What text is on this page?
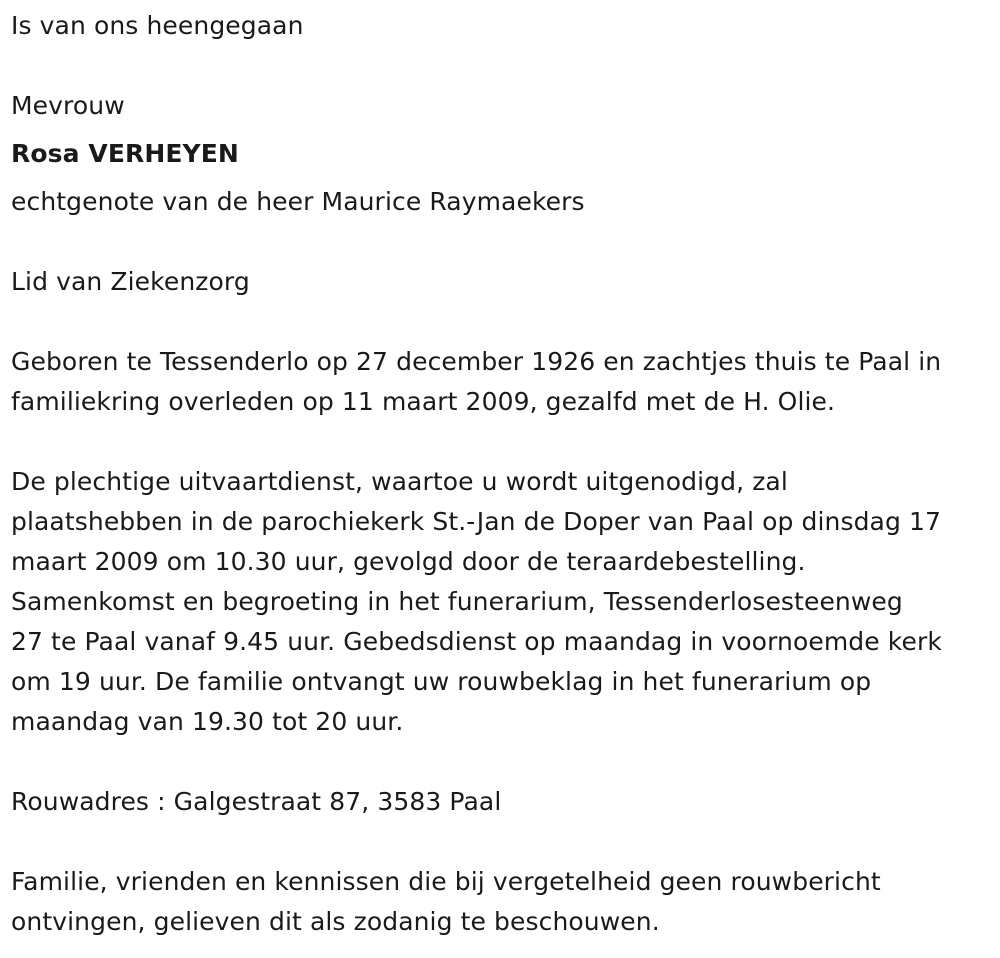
Is van ons heengegaan

Mevrouw

Rosa VERHEYEN

echtgenote van de heer Maurice Raymaekers

Lid van Ziekenzorg

Geboren te Tessenderlo op 27 december 1926 en zachtjes thuis te Paal in

familiekring overleden op 11 maart 2009, gezalfd met de H. Olie.

De plechtige uitvaartdienst, waartoe u wordt uitgenodigd, zal

plaatshebben in de parochiekerk St.-Jan de Doper van Paal op dinsdag 17

maart 2009 om 10.30 uur, gevolgd door de teraardebestelling.

Samenkomst en begroeting in het funerarium, Tessenderlosesteenweg

27 te Paal vanaf 9.45 uur. Gebedsdienst op maandag in voornoemde kerk

om 19 uur. De familie ontvangt uw rouwbeklag in het funerarium op

maandag van 19.30 tot 20 uur.

Rouwadres : Galgestraat 87, 3583 Paal

Familie, vrienden en kennissen die bij vergetelheid geen rouwbericht

ontvingen, gelieven dit als zodanig te beschouwen.
